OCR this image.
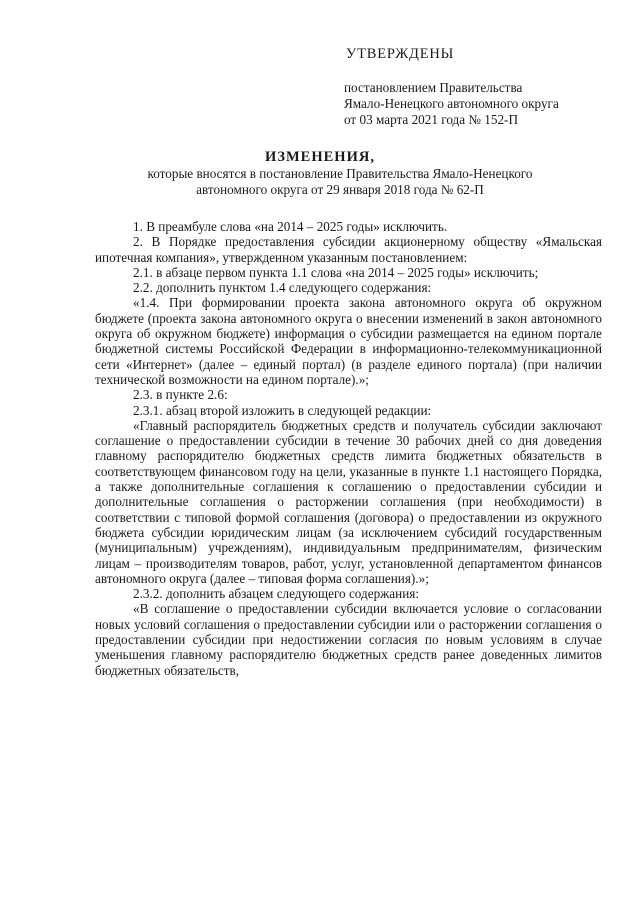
УТВЕРЖДЕНЫ
постановлением Правительства
Ямало-Ненецкого автономного округа
от 03 марта 2021 года № 152-П
ИЗМЕНЕНИЯ,
которые вносятся в постановление Правительства Ямало-Ненецкого
автономного округа от 29 января 2018 года № 62-П

1. В преамбуле слова «на 2014 – 2025 годы» исключить.

2. В Порядке предоставления субсидии акционерному обществу «Ямальская ипотечная компания», утвержденном указанным постановлением:

2.1. в абзаце первом пункта 1.1 слова «на 2014 – 2025 годы» исключить;

2.2. дополнить пунктом 1.4 следующего содержания:

«1.4. При формировании проекта закона автономного округа об окружном бюджете (проекта закона автономного округа о внесении изменений в закон автономного округа об окружном бюджете) информация о субсидии размещается на едином портале бюджетной системы Российской Федерации в информационно-телекоммуникационной сети «Интернет» (далее – единый портал) (в разделе единого портала) (при наличии технической возможности на едином портале).»;

2.3. в пункте 2.6:

2.3.1. абзац второй изложить в следующей редакции:

«Главный распорядитель бюджетных средств и получатель субсидии заключают соглашение о предоставлении субсидии в течение 30 рабочих дней со дня доведения главному распорядителю бюджетных средств лимита бюджетных обязательств в соответствующем финансовом году на цели, указанные в пункте 1.1 настоящего Порядка, а также дополнительные соглашения к соглашению о предоставлении субсидии и дополнительные соглашения о расторжении соглашения (при необходимости) в соответствии с типовой формой соглашения (договора) о предоставлении из окружного бюджета субсидии юридическим лицам (за исключением субсидий государственным (муниципальным) учреждениям), индивидуальным предпринимателям, физическим лицам – производителям товаров, работ, услуг, установленной департаментом финансов автономного округа (далее – типовая форма соглашения).»;

2.3.2. дополнить абзацем следующего содержания:

«В соглашение о предоставлении субсидии включается условие о согласовании новых условий соглашения о предоставлении субсидии или о расторжении соглашения о предоставлении субсидии при недостижении согласия по новым условиям в случае уменьшения главному распорядителю бюджетных средств ранее доведенных лимитов бюджетных обязательств,
